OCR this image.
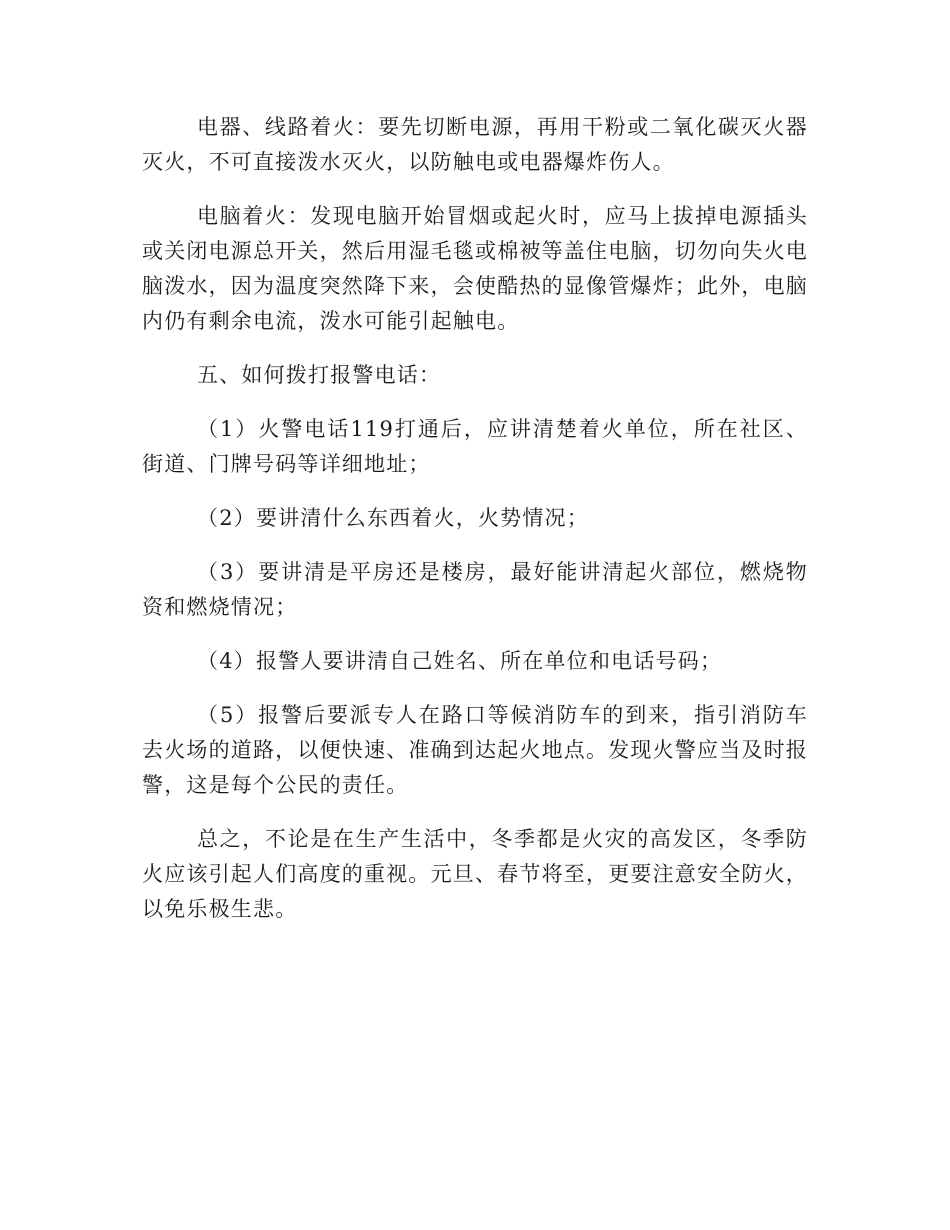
电器、线路着火：要先切断电源，再用干粉或二氧化碳灭火器灭火，不可直接泼水灭火，以防触电或电器爆炸伤人。

电脑着火：发现电脑开始冒烟或起火时，应马上拔掉电源插头或关闭电源总开关，然后用湿毛毯或棉被等盖住电脑，切勿向失火电脑泼水，因为温度突然降下来，会使酷热的显像管爆炸；此外，电脑内仍有剩余电流，泼水可能引起触电。

五、如何拨打报警电话：

（1）火警电话119打通后，应讲清楚着火单位，所在社区、街道、门牌号码等详细地址；

（2）要讲清什么东西着火，火势情况；

（3）要讲清是平房还是楼房，最好能讲清起火部位，燃烧物资和燃烧情况；

（4）报警人要讲清自己姓名、所在单位和电话号码；

（5）报警后要派专人在路口等候消防车的到来，指引消防车去火场的道路，以便快速、准确到达起火地点。发现火警应当及时报警，这是每个公民的责任。

总之，不论是在生产生活中，冬季都是火灾的高发区，冬季防火应该引起人们高度的重视。元旦、春节将至，更要注意安全防火，以免乐极生悲。
